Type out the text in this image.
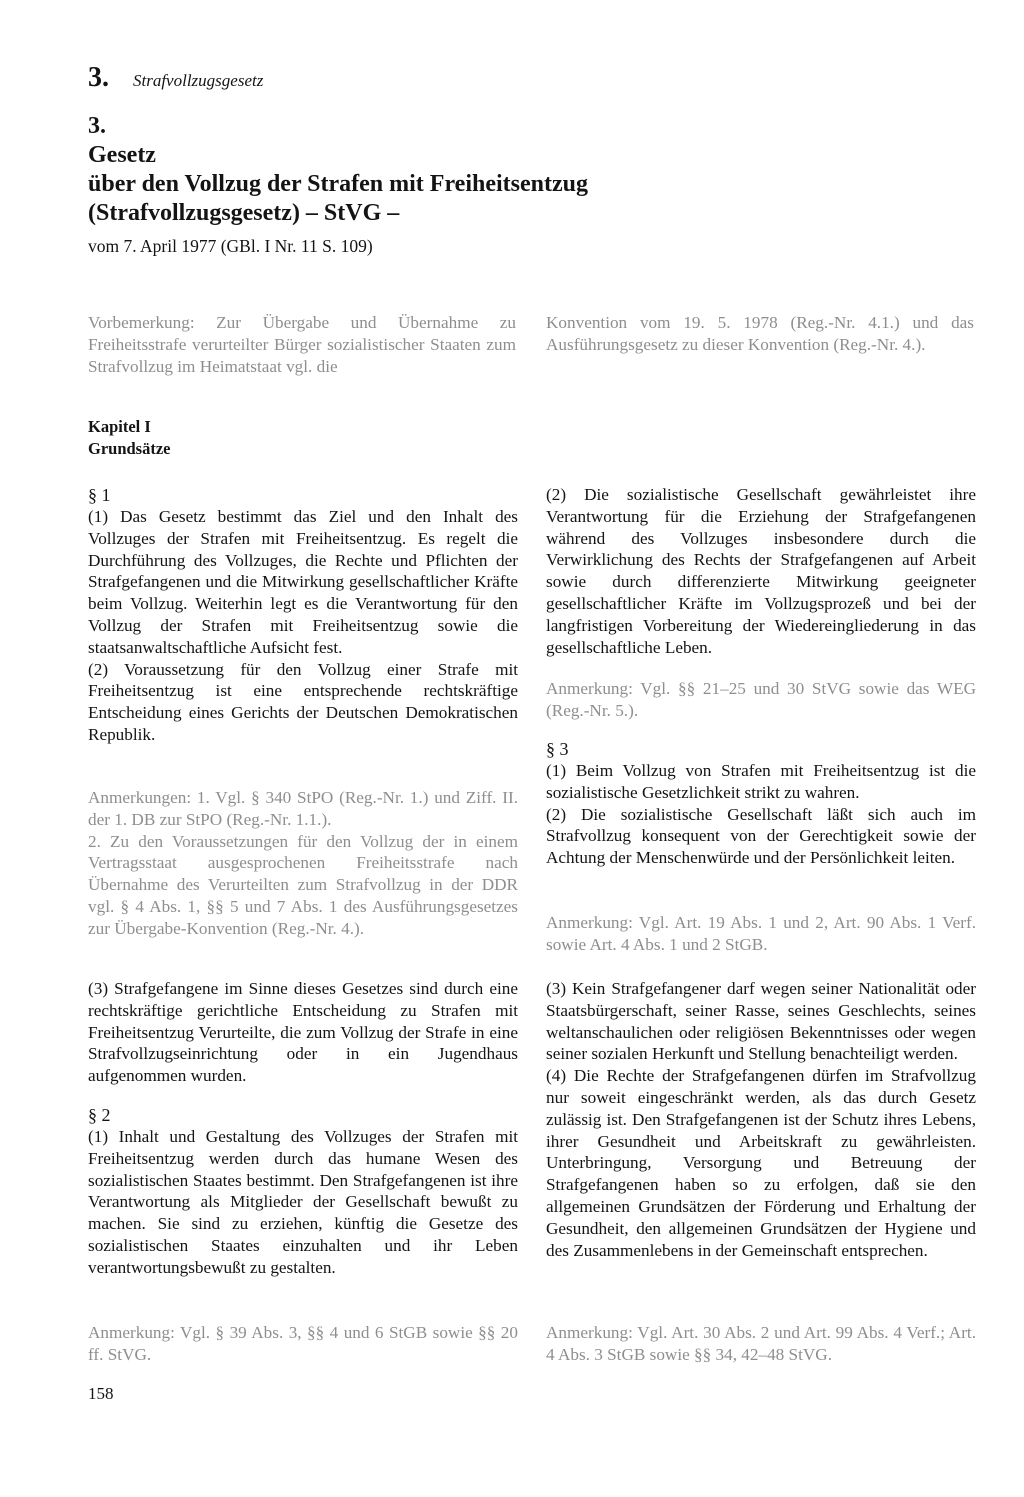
3. Strafvollzugsgesetz
3.
Gesetz
über den Vollzug der Strafen mit Freiheitsentzug
(Strafvollzugsgesetz) – StVG –
vom 7. April 1977 (GBl. I Nr. 11 S. 109)
Vorbemerkung: Zur Übergabe und Übernahme zu Freiheitsstrafe verurteilter Bürger sozialistischer Staaten zum Strafvollzug im Heimatstaat vgl. die
Konvention vom 19. 5. 1978 (Reg.-Nr. 4.1.) und das Ausführungsgesetz zu dieser Konvention (Reg.-Nr. 4.).
Kapitel I
Grundsätze

§ 1

(1) Das Gesetz bestimmt das Ziel und den Inhalt des Vollzuges der Strafen mit Freiheitsentzug. Es regelt die Durchführung des Vollzuges, die Rechte und Pflichten der Strafgefangenen und die Mitwirkung gesellschaftlicher Kräfte beim Vollzug. Weiterhin legt es die Verantwortung für den Vollzug der Strafen mit Freiheitsentzug sowie die staatsanwaltschaftliche Aufsicht fest.

(2) Voraussetzung für den Vollzug einer Strafe mit Freiheitsentzug ist eine entsprechende rechtskräftige Entscheidung eines Gerichts der Deutschen Demokratischen Republik.

Anmerkungen: 1. Vgl. § 340 StPO (Reg.-Nr. 1.) und Ziff. II. der 1. DB zur StPO (Reg.-Nr. 1.1.).
2. Zu den Voraussetzungen für den Vollzug der in einem Vertragsstaat ausgesprochenen Freiheitsstrafe nach Übernahme des Verurteilten zum Strafvollzug in der DDR vgl. § 4 Abs. 1, §§ 5 und 7 Abs. 1 des Ausführungsgesetzes zur Übergabe-Konvention (Reg.-Nr. 4.).

(3) Strafgefangene im Sinne dieses Gesetzes sind durch eine rechtskräftige gerichtliche Entscheidung zu Strafen mit Freiheitsentzug Verurteilte, die zum Vollzug der Strafe in eine Strafvollzugseinrichtung oder in ein Jugendhaus aufgenommen wurden.

§ 2

(1) Inhalt und Gestaltung des Vollzuges der Strafen mit Freiheitsentzug werden durch das humane Wesen des sozialistischen Staates bestimmt. Den Strafgefangenen ist ihre Verantwortung als Mitglieder der Gesellschaft bewußt zu machen. Sie sind zu erziehen, künftig die Gesetze des sozialistischen Staates einzuhalten und ihr Leben verantwortungsbewußt zu gestalten.

Anmerkung: Vgl. § 39 Abs. 3, §§ 4 und 6 StGB sowie §§ 20 ff. StVG.

(2) Die sozialistische Gesellschaft gewährleistet ihre Verantwortung für die Erziehung der Strafgefangenen während des Vollzuges insbesondere durch die Verwirklichung des Rechts der Strafgefangenen auf Arbeit sowie durch differenzierte Mitwirkung geeigneter gesellschaftlicher Kräfte im Vollzugsprozeß und bei der langfristigen Vorbereitung der Wiedereingliederung in das gesellschaftliche Leben.

Anmerkung: Vgl. §§ 21–25 und 30 StVG sowie das WEG (Reg.-Nr. 5.).

§ 3

(1) Beim Vollzug von Strafen mit Freiheitsentzug ist die sozialistische Gesetzlichkeit strikt zu wahren.

(2) Die sozialistische Gesellschaft läßt sich auch im Strafvollzug konsequent von der Gerechtigkeit sowie der Achtung der Menschenwürde und der Persönlichkeit leiten.

Anmerkung: Vgl. Art. 19 Abs. 1 und 2, Art. 90 Abs. 1 Verf. sowie Art. 4 Abs. 1 und 2 StGB.

(3) Kein Strafgefangener darf wegen seiner Nationalität oder Staatsbürgerschaft, seiner Rasse, seines Geschlechts, seines weltanschaulichen oder religiösen Bekenntnisses oder wegen seiner sozialen Herkunft und Stellung benachteiligt werden.

(4) Die Rechte der Strafgefangenen dürfen im Strafvollzug nur soweit eingeschränkt werden, als das durch Gesetz zulässig ist. Den Strafgefangenen ist der Schutz ihres Lebens, ihrer Gesundheit und Arbeitskraft zu gewährleisten. Unterbringung, Versorgung und Betreuung der Strafgefangenen haben so zu erfolgen, daß sie den allgemeinen Grundsätzen der Förderung und Erhaltung der Gesundheit, den allgemeinen Grundsätzen der Hygiene und des Zusammenlebens in der Gemeinschaft entsprechen.

Anmerkung: Vgl. Art. 30 Abs. 2 und Art. 99 Abs. 4 Verf.; Art. 4 Abs. 3 StGB sowie §§ 34, 42–48 StVG.
158
